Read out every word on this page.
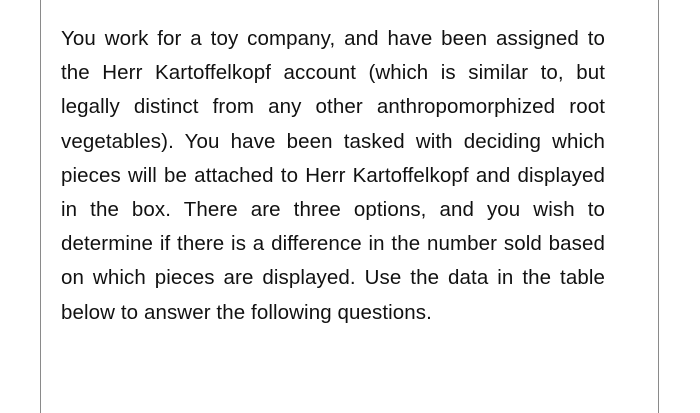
You work for a toy company, and have been assigned to the Herr Kartoffelkopf account (which is similar to, but legally distinct from any other anthropomorphized root vegetables). You have been tasked with deciding which pieces will be attached to Herr Kartoffelkopf and displayed in the box. There are three options, and you wish to determine if there is a difference in the number sold based on which pieces are displayed. Use the data in the table below to answer the following questions.
